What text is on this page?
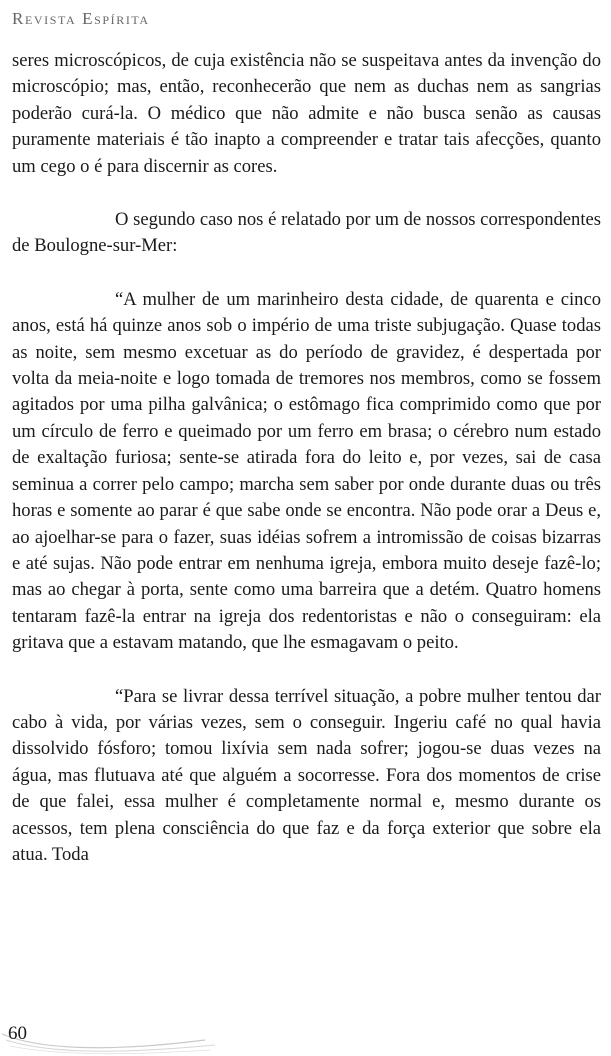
Revista Espírita

seres microscópicos, de cuja existência não se suspeitava antes da invenção do microscópio; mas, então, reconhecerão que nem as duchas nem as sangrias poderão curá-la. O médico que não admite e não busca senão as causas puramente materiais é tão inapto a compreender e tratar tais afecções, quanto um cego o é para discernir as cores.

O segundo caso nos é relatado por um de nossos correspondentes de Boulogne-sur-Mer:

“A mulher de um marinheiro desta cidade, de quarenta e cinco anos, está há quinze anos sob o império de uma triste subjugação. Quase todas as noite, sem mesmo excetuar as do período de gravidez, é despertada por volta da meia-noite e logo tomada de tremores nos membros, como se fossem agitados por uma pilha galvânica; o estômago fica comprimido como que por um círculo de ferro e queimado por um ferro em brasa; o cérebro num estado de exaltação furiosa; sente-se atirada fora do leito e, por vezes, sai de casa seminua a correr pelo campo; marcha sem saber por onde durante duas ou três horas e somente ao parar é que sabe onde se encontra. Não pode orar a Deus e, ao ajoelhar-se para o fazer, suas idéias sofrem a intromissão de coisas bizarras e até sujas. Não pode entrar em nenhuma igreja, embora muito deseje fazê-lo; mas ao chegar à porta, sente como uma barreira que a detém. Quatro homens tentaram fazê-la entrar na igreja dos redentoristas e não o conseguiram: ela gritava que a estavam matando, que lhe esmagavam o peito.

“Para se livrar dessa terrível situação, a pobre mulher tentou dar cabo à vida, por várias vezes, sem o conseguir. Ingeriu café no qual havia dissolvido fósforo; tomou lixívia sem nada sofrer; jogou-se duas vezes na água, mas flutuava até que alguém a socorresse. Fora dos momentos de crise de que falei, essa mulher é completamente normal e, mesmo durante os acessos, tem plena consciência do que faz e da força exterior que sobre ela atua. Toda

60
